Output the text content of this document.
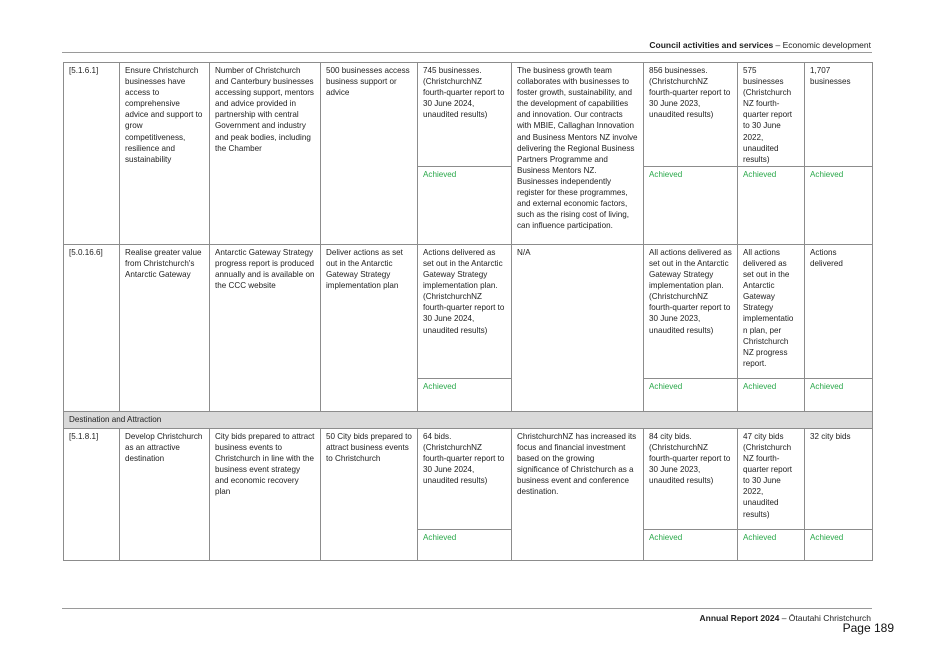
Council activities and services – Economic development
[5.1.6.1]	Ensure Christchurch businesses have access to comprehensive advice and support to grow competitiveness, resilience and sustainability	Number of Christchurch and Canterbury businesses accessing support, mentors and advice provided in partnership with central Government and industry and peak bodies, including the Chamber	500 businesses access business support or advice	745 businesses. (ChristchurchNZ fourth-quarter report to 30 June 2024, unaudited results)	The business growth team collaborates with businesses to foster growth, sustainability, and the development of capabilities and innovation. Our contracts with MBIE, Callaghan Innovation and Business Mentors NZ involve delivering the Regional Business Partners Programme and Business Mentors NZ. Businesses independently register for these programmes, and external economic factors, such as the rising cost of living, can influence participation.	856 businesses. (ChristchurchNZ fourth-quarter report to 30 June 2023, unaudited results)	575 businesses (Christchurch NZ fourth-quarter report to 30 June 2022, unaudited results)	1,707 businesses
				Achieved		Achieved	Achieved	Achieved
[5.0.16.6]	Realise greater value from Christchurch's Antarctic Gateway	Antarctic Gateway Strategy progress report is produced annually and is available on the CCC website	Deliver actions as set out in the Antarctic Gateway Strategy implementation plan	Actions delivered as set out in the Antarctic Gateway Strategy implementation plan. (ChristchurchNZ fourth-quarter report to 30 June 2024, unaudited results)	N/A	All actions delivered as set out in the Antarctic Gateway Strategy implementation plan. (ChristchurchNZ fourth-quarter report to 30 June 2023, unaudited results)	All actions delivered as set out in the Antarctic Gateway Strategy implementatio n plan, per Christchurch NZ progress report.	Actions delivered
				Achieved		Achieved	Achieved	Achieved
Destination and Attraction								
[5.1.8.1]	Develop Christchurch as an attractive destination	City bids prepared to attract business events to Christchurch in line with the business event strategy and economic recovery plan	50 City bids prepared to attract business events to Christchurch	64 bids. (ChristchurchNZ fourth-quarter report to 30 June 2024, unaudited results)	ChristchurchNZ has increased its focus and financial investment based on the growing significance of Christchurch as a business event and conference destination.	84 city bids. (ChristchurchNZ fourth-quarter report to 30 June 2023, unaudited results)	47 city bids (Christchurch NZ fourth-quarter report to 30 June 2022, unaudited results)	32 city bids
				Achieved		Achieved	Achieved	Achieved
Annual Report 2024 – Ōtautahi Christchurch
Page 189
